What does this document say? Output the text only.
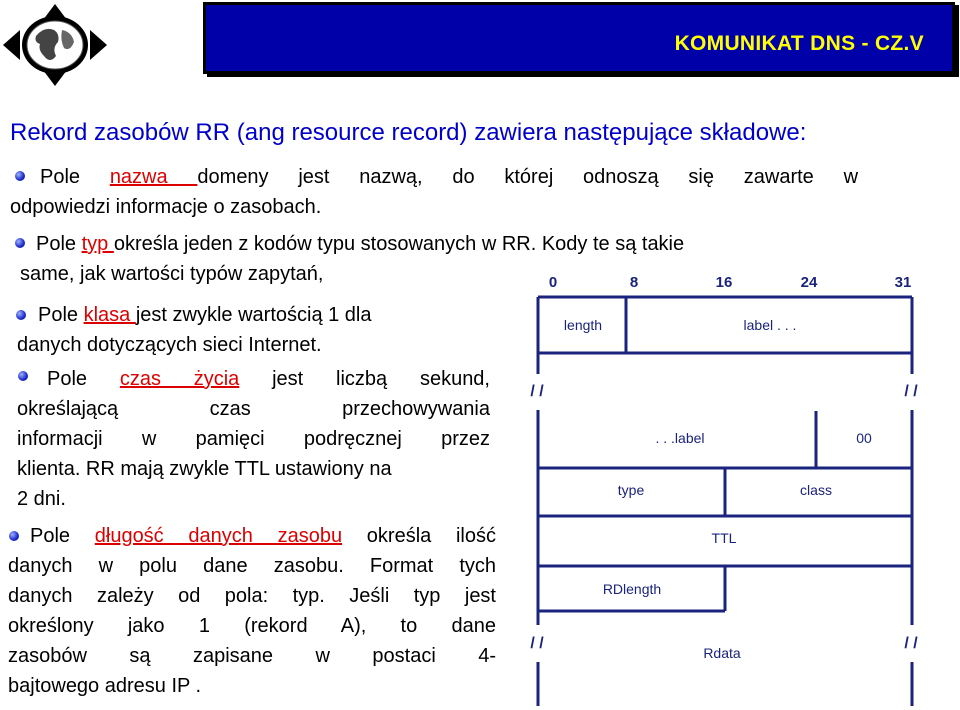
KOMUNIKAT DNS - CZ.V
Rekord zasobów RR (ang resource record) zawiera następujące składowe:
Pole nazwa domeny jest nazwą, do której odnoszą się zawarte w
odpowiedzi informacje o zasobach.
Pole typ określa jeden z kodów typu stosowanych w RR. Kody te są takie
same, jak wartości typów zapytań,
Pole klasa jest zwykle wartością 1 dla
danych dotyczących sieci Internet.
Pole czas życia jest liczbą sekund,
określającą czas przechowywania
informacji w pamięci podręcznej przez
klienta. RR mają zwykle TTL ustawiony na
2 dni.
Pole długość danych zasobu określa ilość
danych w polu dane zasobu. Format tych
danych zależy od pola: typ. Jeśli typ jest
określony jako 1 (rekord A), to dane
zasobów są zapisane w postaci 4-
bajtowego adresu IP .
0	8	16	24	31
length	label . . .
. . .label	00
type	class
TTL
RDlength
Rdata
/ /	/ /
/ /	/ /
